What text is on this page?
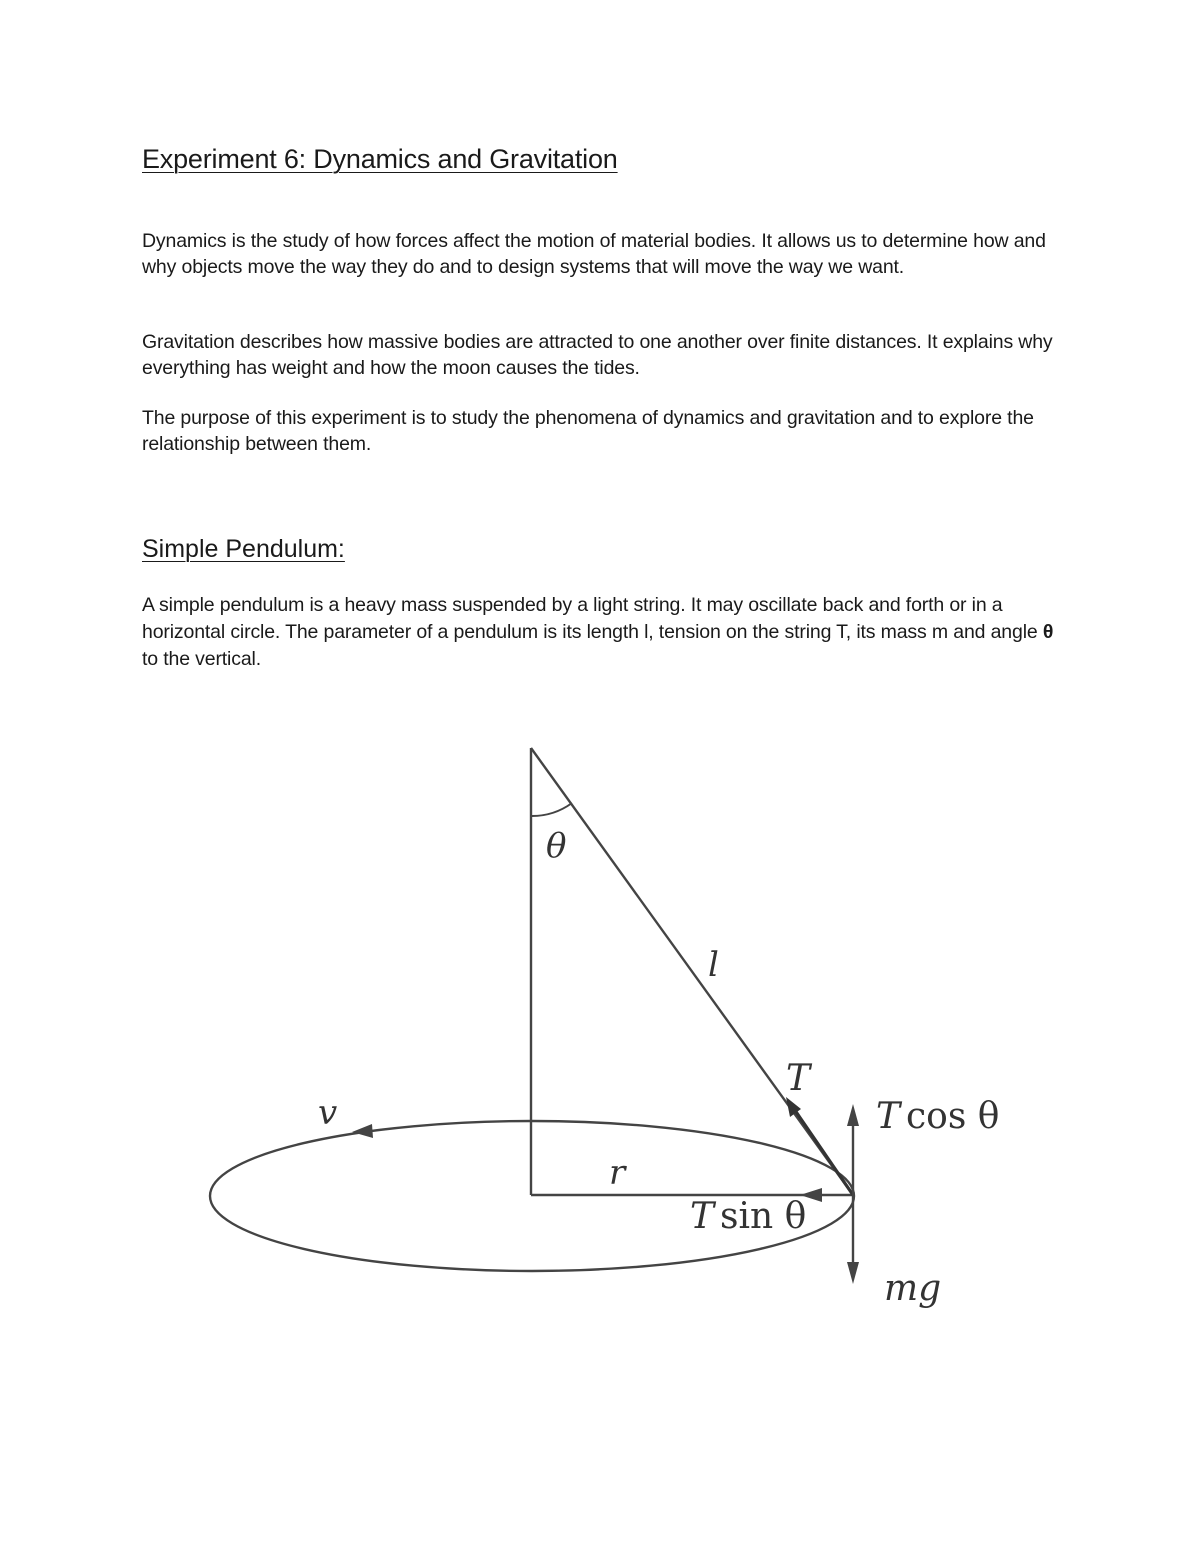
Experiment 6: Dynamics and Gravitation

Dynamics is the study of how forces affect the motion of material bodies. It allows us to determine how and why objects move the way they do and to design systems that will move the way we want.

Gravitation describes how massive bodies are attracted to one another over finite distances. It explains why everything has weight and how the moon causes the tides.

The purpose of this experiment is to study the phenomena of dynamics and gravitation and to explore the relationship between them.

Simple Pendulum:

A simple pendulum is a heavy mass suspended by a light string. It may oscillate back and forth or in a horizontal circle. The parameter of a pendulum is its length l, tension on the string T, its mass m and angle θ to the vertical.

θ
l
T
v
r
T cos θ
T sin θ
mg
